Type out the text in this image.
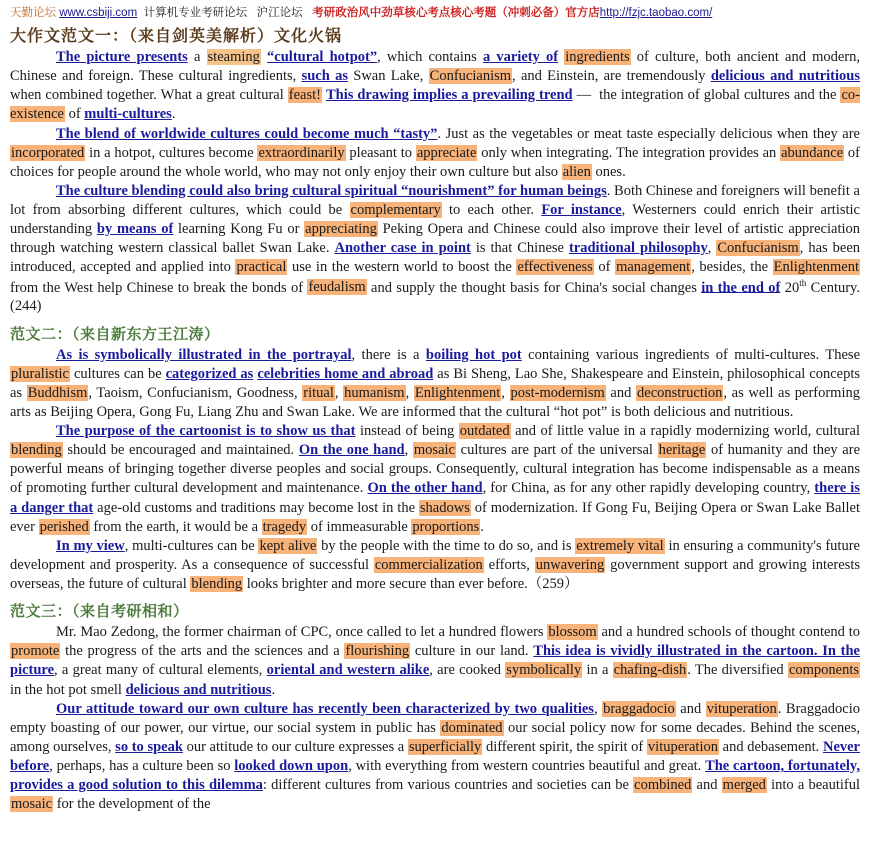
天勤论坛 www.csbiji.com  计算机专业考研论坛   沪江论坛   考研政治风中劲草核心考点核心考题（冲刺必备）官方店http://fzjc.taobao.com/
大作文范文一：（来自剑英美解析）文化火锅

The picture presents a steaming “cultural hotpot”, which contains a variety of ingredients of culture, both ancient and modern, Chinese and foreign. These cultural ingredients, such as Swan Lake, Confucianism, and Einstein, are tremendously delicious and nutritious when combined together. What a great cultural feast! This drawing implies a prevailing trend —  the integration of global cultures and the co-existence of multi-cultures.

The blend of worldwide cultures could become much “tasty”. Just as the vegetables or meat taste especially delicious when they are incorporated in a hotpot, cultures become extraordinarily pleasant to appreciate only when integrating. The integration provides an abundance of choices for people around the whole world, who may not only enjoy their own culture but also alien ones.

The culture blending could also bring cultural spiritual “nourishment” for human beings. Both Chinese and foreigners will benefit a lot from absorbing different cultures, which could be complementary to each other. For instance, Westerners could enrich their artistic understanding by means of learning Kong Fu or appreciating Peking Opera and Chinese could also improve their level of artistic appreciation through watching western classical ballet Swan Lake. Another case in point is that Chinese traditional philosophy, Confucianism, has been introduced, accepted and applied into practical use in the western world to boost the effectiveness of management, besides, the Enlightenment from the West help Chinese to break the bonds of feudalism and supply the thought basis for China's social changes in the end of 20th Century. (244)

范文二：（来自新东方王江涛）

As is symbolically illustrated in the portrayal, there is a boiling hot pot containing various ingredients of multi-cultures. These pluralistic cultures can be categorized as celebrities home and abroad as Bi Sheng, Lao She, Shakespeare and Einstein, philosophical concepts as Buddhism, Taoism, Confucianism, Goodness, ritual, humanism, Enlightenment, post-modernism and deconstruction, as well as performing arts as Beijing Opera, Gong Fu, Liang Zhu and Swan Lake. We are informed that the cultural “hot pot” is both delicious and nutritious.

The purpose of the cartoonist is to show us that instead of being outdated and of little value in a rapidly modernizing world, cultural blending should be encouraged and maintained. On the one hand, mosaic cultures are part of the universal heritage of humanity and they are powerful means of bringing together diverse peoples and social groups. Consequently, cultural integration has become indispensable as a means of promoting further cultural development and maintenance. On the other hand, for China, as for any other rapidly developing country, there is a danger that age-old customs and traditions may become lost in the shadows of modernization. If Gong Fu, Beijing Opera or Swan Lake Ballet ever perished from the earth, it would be a tragedy of immeasurable proportions.

In my view, multi-cultures can be kept alive by the people with the time to do so, and is extremely vital in ensuring a community's future development and prosperity. As a consequence of successful commercialization efforts, unwavering government support and growing interests overseas, the future of cultural blending looks brighter and more secure than ever before.（259）

范文三：（来自考研相和）

Mr. Mao Zedong, the former chairman of CPC, once called to let a hundred flowers blossom and a hundred schools of thought contend to promote the progress of the arts and the sciences and a flourishing culture in our land. This idea is vividly illustrated in the cartoon. In the picture, a great many of cultural elements, oriental and western alike, are cooked symbolically in a chafing-dish. The diversified components in the hot pot smell delicious and nutritious.

Our attitude toward our own culture has recently been characterized by two qualities, braggadocio and vituperation. Braggadocio empty boasting of our power, our virtue, our social system in public has dominated our social policy now for some decades. Behind the scenes, among ourselves, so to speak our attitude to our culture expresses a superficially different spirit, the spirit of vituperation and debasement. Never before, perhaps, has a culture been so looked down upon, with everything from western countries beautiful and great. The cartoon, fortunately, provides a good solution to this dilemma: different cultures from various countries and societies can be combined and merged into a beautiful mosaic for the development of the
